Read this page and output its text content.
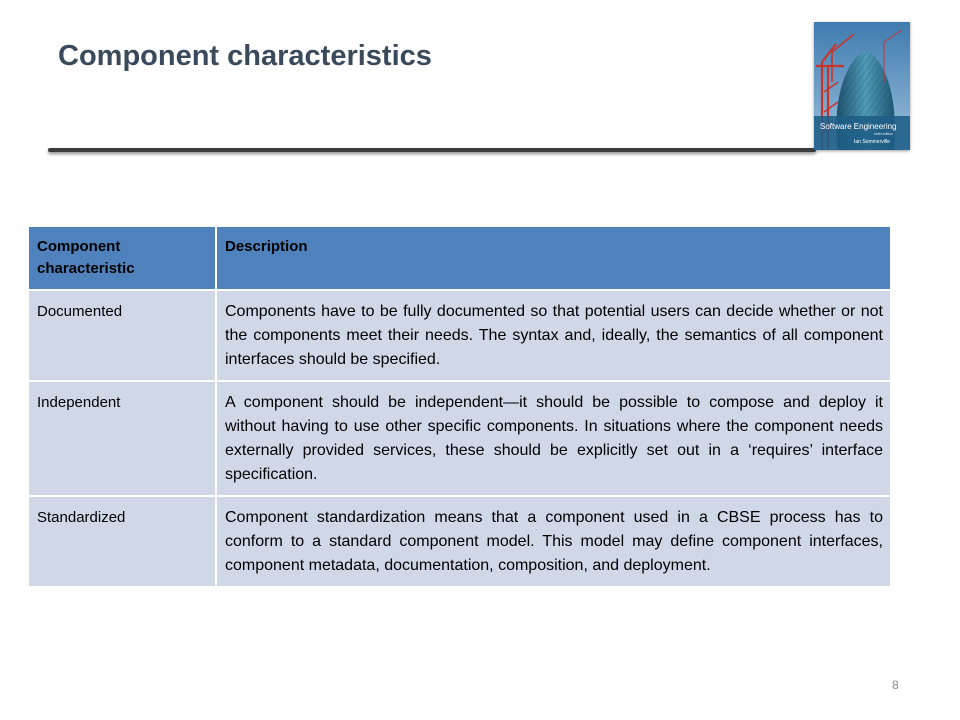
Component characteristics
Software Engineering
ninth edition
Ian Sommerville
Component characteristic	Description
Documented	Components have to be fully documented so that potential users can decide whether or not the components meet their needs. The syntax and, ideally, the semantics of all component interfaces should be specified.
Independent	A component should be independent—it should be possible to compose and deploy it without having to use other specific components. In situations where the component needs externally provided services, these should be explicitly set out in a ‘requires’ interface specification.
Standardized	Component standardization means that a component used in a CBSE process has to conform to a standard component model. This model may define component interfaces, component metadata, documentation, composition, and deployment.
8
